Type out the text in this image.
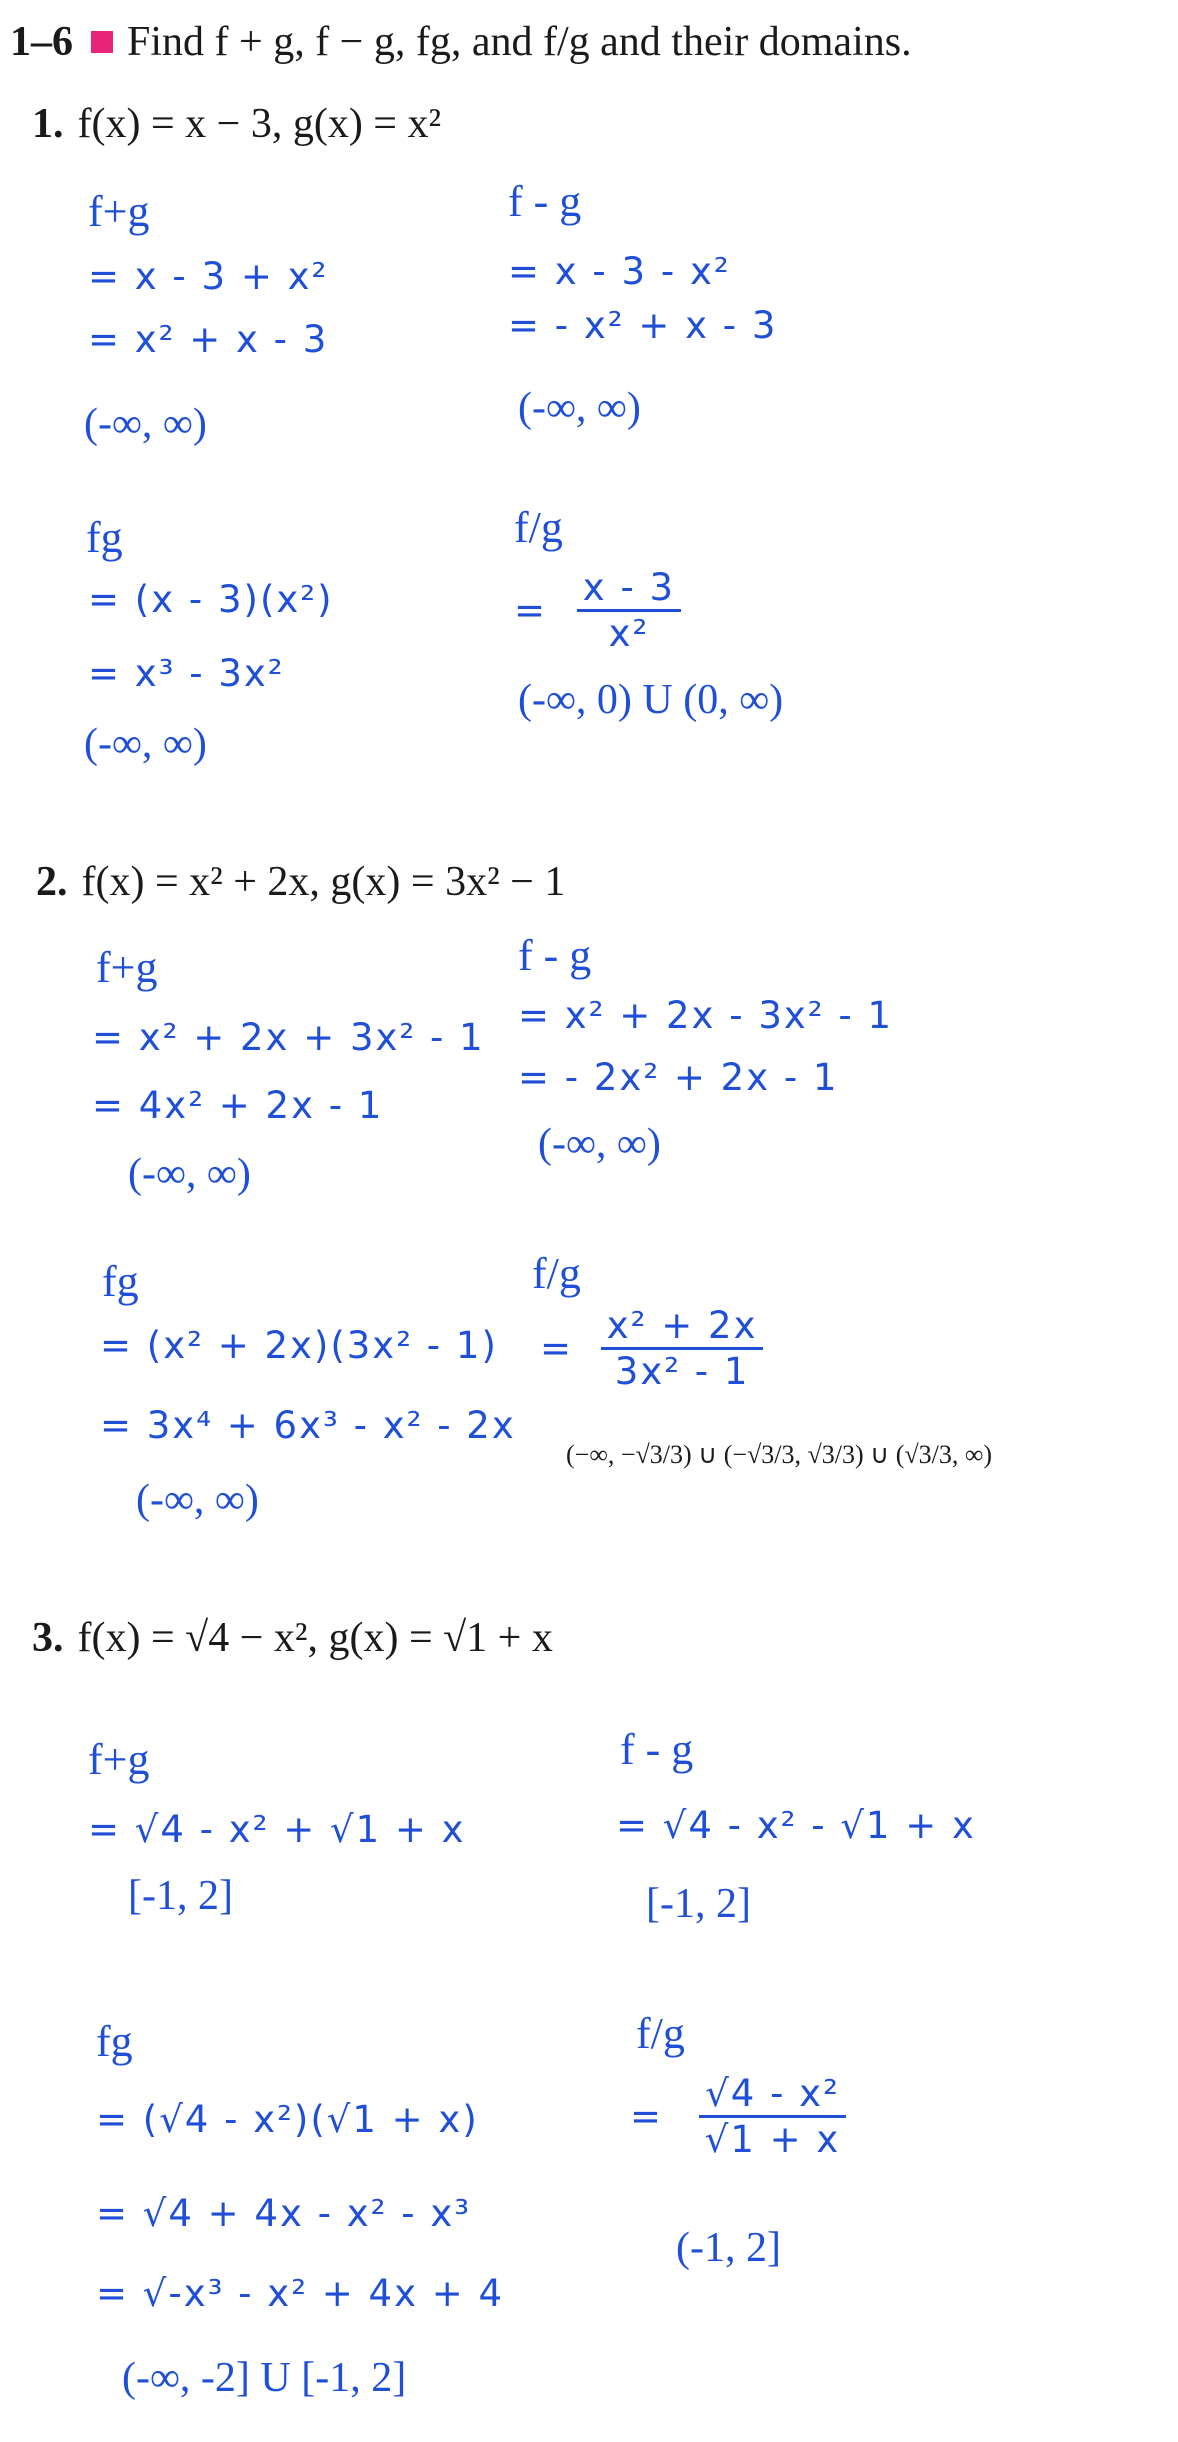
1–6 Find f + g, f − g, fg, and f/g and their domains.
1. f(x) = x − 3, g(x) = x²
f+g
= x - 3 + x²
= x² + x - 3
(-∞, ∞)
f - g
= x - 3 - x²
= - x² + x - 3
(-∞, ∞)
fg
= (x - 3)(x²)
= x³ - 3x²
(-∞, ∞)
f/g
= $\frac{x - 3}{\text{x²}}$
(-∞, 0) U (0, ∞)
2. f(x) = x² + 2x, g(x) = 3x² − 1
f+g
= x² + 2x + 3x² - 1
= 4x² + 2x - 1
(-∞, ∞)
f - g
= x² + 2x - 3x² - 1
= - 2x² + 2x - 1
(-∞, ∞)
fg
= (x² + 2x)(3x² - 1)
= 3x⁴ + 6x³ - x² - 2x
(-∞, ∞)
f/g
= $\frac{\text{x² + 2x}}{\text{3x² - 1}}$
(−∞, −√3/3) ∪ (−√3/3, √3/3) ∪ (√3/3, ∞)
3. f(x) = √4 − x², g(x) = √1 + x
f+g
= √4 - x² + √1 + x
[-1, 2]
f - g
= √4 - x² - √1 + x
[-1, 2]
fg
= (√4 - x²)(√1 + x)
= √4 + 4x - x² - x³
= √-x³ - x² + 4x + 4
(-∞, -2] U [-1, 2]
f/g
= $\frac{\text{√4 - x²}}{√1 + x}$
(-1, 2]
